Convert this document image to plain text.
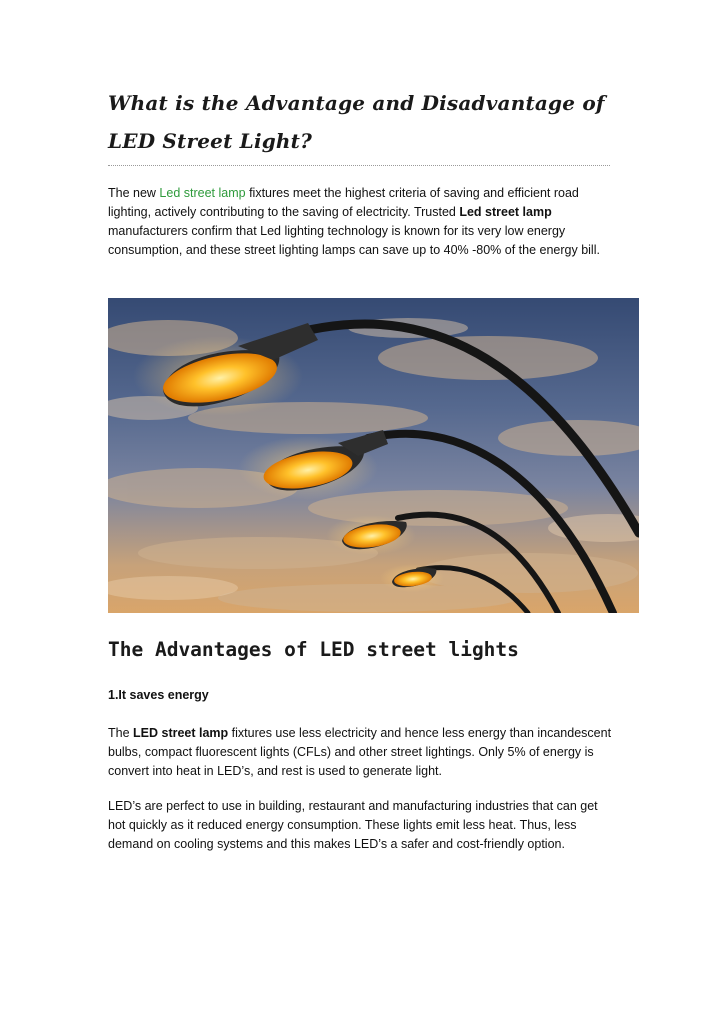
What is the Advantage and Disadvantage of LED Street Light?

The new Led street lamp fixtures meet the highest criteria of saving and efficient road lighting, actively contributing to the saving of electricity. Trusted Led street lamp manufacturers confirm that Led lighting technology is known for its very low energy consumption, and these street lighting lamps can save up to 40% -80% of the energy bill.

The Advantages of LED street lights
1.It saves energy

The LED street lamp fixtures use less electricity and hence less energy than incandescent bulbs, compact fluorescent lights (CFLs) and other street lightings. Only 5% of energy is convert into heat in LED’s, and rest is used to generate light.

LED’s are perfect to use in building, restaurant and manufacturing industries that can get hot quickly as it reduced energy consumption. These lights emit less heat. Thus, less demand on cooling systems and this makes LED’s a safer and cost-friendly option.
